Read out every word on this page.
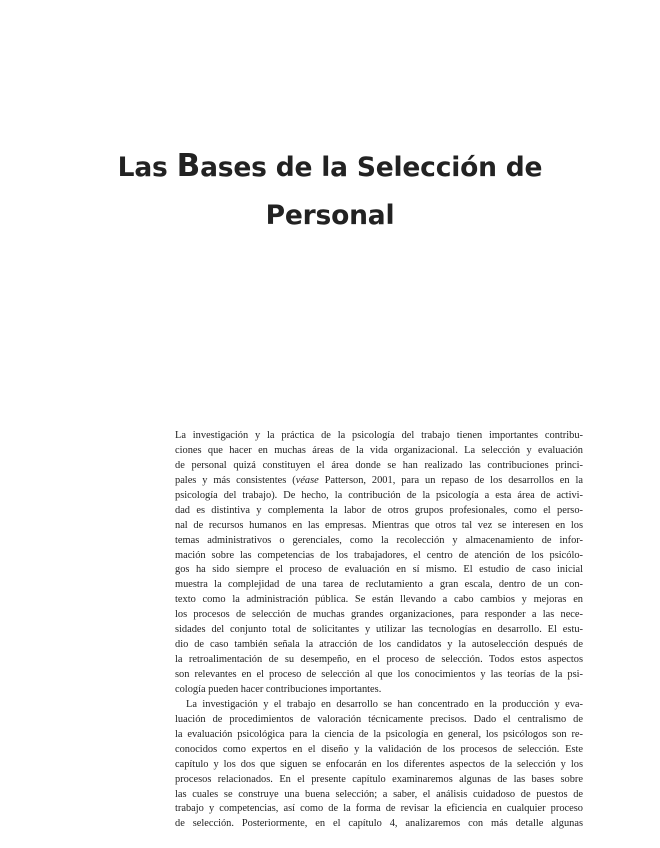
Las Bases de la Selección de
Personal
La investigación y la práctica de la psicología del trabajo tienen importantes contribu-
ciones que hacer en muchas áreas de la vida organizacional. La selección y evaluación
de personal quizá constituyen el área donde se han realizado las contribuciones princi-
pales y más consistentes (véase Patterson, 2001, para un repaso de los desarrollos en la
psicología del trabajo). De hecho, la contribución de la psicología a esta área de activi-
dad es distintiva y complementa la labor de otros grupos profesionales, como el perso-
nal de recursos humanos en las empresas. Mientras que otros tal vez se interesen en los
temas administrativos o gerenciales, como la recolección y almacenamiento de infor-
mación sobre las competencias de los trabajadores, el centro de atención de los psicólo-
gos ha sido siempre el proceso de evaluación en sí mismo. El estudio de caso inicial
muestra la complejidad de una tarea de reclutamiento a gran escala, dentro de un con-
texto como la administración pública. Se están llevando a cabo cambios y mejoras en
los procesos de selección de muchas grandes organizaciones, para responder a las nece-
sidades del conjunto total de solicitantes y utilizar las tecnologías en desarrollo. El estu-
dio de caso también señala la atracción de los candidatos y la autoselección después de
la retroalimentación de su desempeño, en el proceso de selección. Todos estos aspectos
son relevantes en el proceso de selección al que los conocimientos y las teorías de la psi-
cología pueden hacer contribuciones importantes.
La investigación y el trabajo en desarrollo se han concentrado en la producción y eva-
luación de procedimientos de valoración técnicamente precisos. Dado el centralismo de
la evaluación psicológica para la ciencia de la psicología en general, los psicólogos son re-
conocidos como expertos en el diseño y la validación de los procesos de selección. Este
capítulo y los dos que siguen se enfocarán en los diferentes aspectos de la selección y los
procesos relacionados. En el presente capítulo examinaremos algunas de las bases sobre
las cuales se construye una buena selección; a saber, el análisis cuidadoso de puestos de
trabajo y competencias, así como de la forma de revisar la eficiencia en cualquier proceso
de selección. Posteriormente, en el capítulo 4, analizaremos con más detalle algunas
